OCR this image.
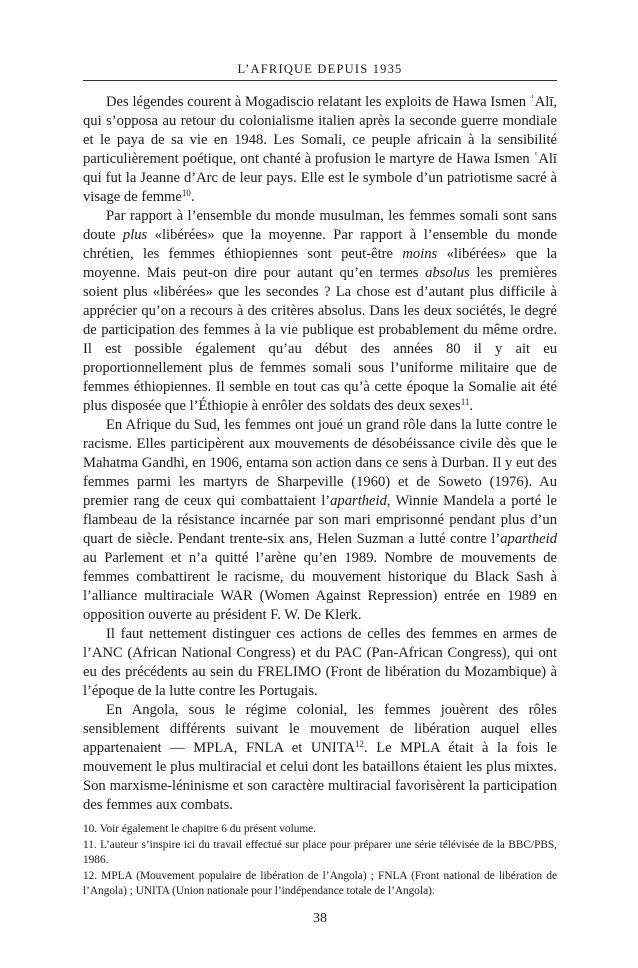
L’AFRIQUE DEPUIS 1935

Des légendes courent à Mogadiscio relatant les exploits de Hawa Ismen ʿAlī, qui s’opposa au retour du colonialisme italien après la seconde guerre mondiale et le paya de sa vie en 1948. Les Somali, ce peuple africain à la sensibilité particulièrement poétique, ont chanté à profusion le martyre de Hawa Ismen ʿAlī qui fut la Jeanne d’Arc de leur pays. Elle est le symbole d’un patriotisme sacré à visage de femme$^{10}$.

Par rapport à l’ensemble du monde musulman, les femmes somali sont sans doute plus «libérées» que la moyenne. Par rapport à l’ensemble du monde chrétien, les femmes éthiopiennes sont peut-être moins «libérées» que la moyenne. Mais peut-on dire pour autant qu’en termes absolus les premières soient plus «libérées» que les secondes ? La chose est d’autant plus difficile à apprécier qu’on a recours à des critères absolus. Dans les deux sociétés, le degré de participation des femmes à la vie publique est probablement du même ordre. Il est possible également qu’au début des années 80 il y ait eu proportionnellement plus de femmes somali sous l’uniforme militaire que de femmes éthiopiennes. Il semble en tout cas qu’à cette époque la Somalie ait été plus disposée que l’Éthiopie à enrôler des soldats des deux sexes$^{11}$.

En Afrique du Sud, les femmes ont joué un grand rôle dans la lutte contre le racisme. Elles participèrent aux mouvements de désobéissance civile dès que le Mahatma Gandhi, en 1906, entama son action dans ce sens à Durban. Il y eut des femmes parmi les martyrs de Sharpeville (1960) et de Soweto (1976). Au premier rang de ceux qui combattaient l’apartheid, Winnie Mandela a porté le flambeau de la résistance incarnée par son mari emprisonné pendant plus d’un quart de siècle. Pendant trente-six ans, Helen Suzman a lutté contre l’apartheid au Parlement et n’a quitté l’arène qu’en 1989. Nombre de mouvements de femmes combattirent le racisme, du mouvement historique du Black Sash à l’alliance multiraciale WAR (Women Against Repression) entrée en 1989 en opposition ouverte au président F. W. De Klerk.

Il faut nettement distinguer ces actions de celles des femmes en armes de l’ANC (African National Congress) et du PAC (Pan-African Congress), qui ont eu des précédents au sein du FRELIMO (Front de libération du Mozambique) à l’époque de la lutte contre les Portugais.

En Angola, sous le régime colonial, les femmes jouèrent des rôles sensiblement différents suivant le mouvement de libération auquel elles appartenaient — MPLA, FNLA et UNITA$^{12}$. Le MPLA était à la fois le mouvement le plus multiracial et celui dont les bataillons étaient les plus mixtes. Son marxisme-léninisme et son caractère multiracial favorisèrent la participation des femmes aux combats.

10. Voir également le chapitre 6 du présent volume.

11. L’auteur s’inspire ici du travail effectué sur place pour préparer une série télévisée de la BBC/PBS, 1986.

12. MPLA (Mouvement populaire de libération de l’Angola) ; FNLA (Front national de libération de l’Angola) ; UNITA (Union nationale pour l’indépendance totale de l’Angola).

38
